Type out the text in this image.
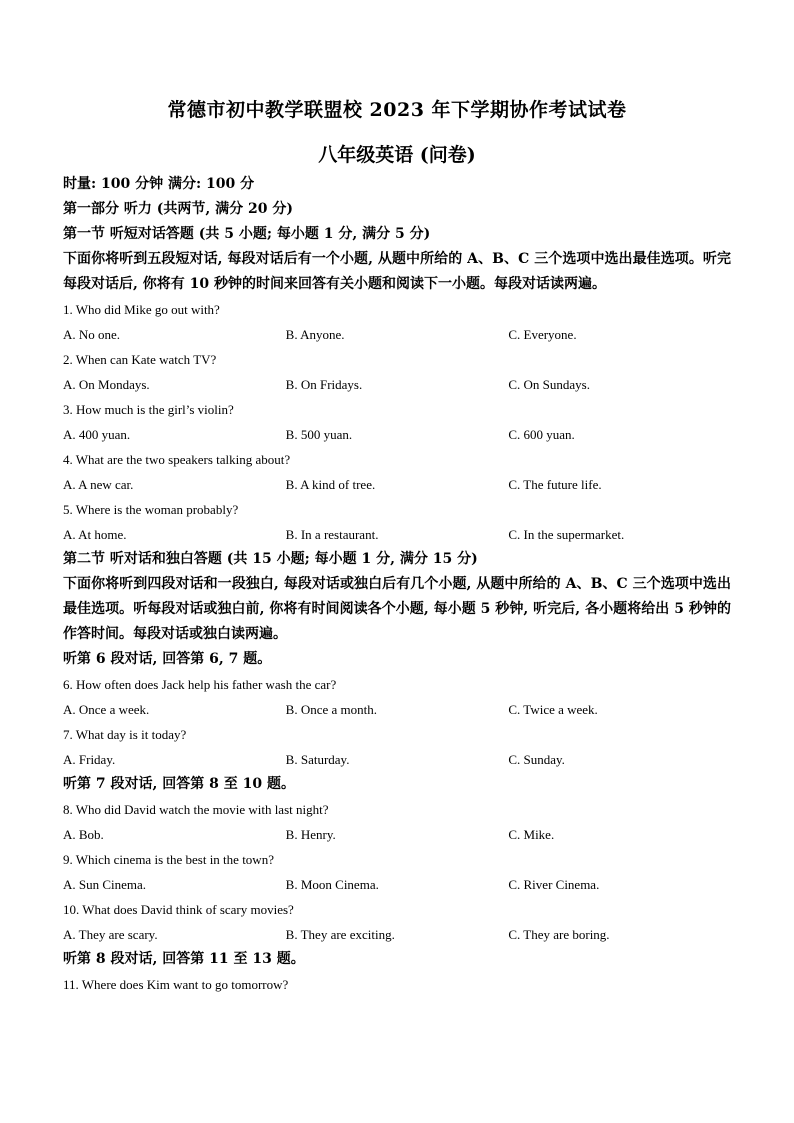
常德市初中教学联盟校 2023 年下学期协作考试试卷
八年级英语 (问卷)
时量: 100 分钟 满分: 100 分
第一部分 听力 (共两节, 满分 20 分)
第一节 听短对话答题 (共 5 小题; 每小题 1 分, 满分 5 分)
下面你将听到五段短对话, 每段对话后有一个小题, 从题中所给的 A、B、C 三个选项中选出最佳选项。听完每段对话后, 你将有 10 秒钟的时间来回答有关小题和阅读下一小题。每段对话读两遍。
1. Who did Mike go out with?
A. No one.	B. Anyone.	C. Everyone.
2. When can Kate watch TV?
A. On Mondays.	B. On Fridays.	C. On Sundays.
3. How much is the girl’s violin?
A. 400 yuan.	B. 500 yuan.	C. 600 yuan.
4. What are the two speakers talking about?
A. A new car.	B. A kind of tree.	C. The future life.
5. Where is the woman probably?
A. At home.	B. In a restaurant.	C. In the supermarket.
第二节 听对话和独白答题 (共 15 小题; 每小题 1 分, 满分 15 分)
下面你将听到四段对话和一段独白, 每段对话或独白后有几个小题, 从题中所给的 A、B、C 三个选项中选出最佳选项。听每段对话或独白前, 你将有时间阅读各个小题, 每小题 5 秒钟, 听完后, 各小题将给出 5 秒钟的作答时间。每段对话或独白读两遍。
听第 6 段对话, 回答第 6, 7 题。
6. How often does Jack help his father wash the car?
A. Once a week.	B. Once a month.	C. Twice a week.
7. What day is it today?
A. Friday.	B. Saturday.	C. Sunday.
听第 7 段对话, 回答第 8 至 10 题。
8. Who did David watch the movie with last night?
A. Bob.	B. Henry.	C. Mike.
9. Which cinema is the best in the town?
A. Sun Cinema.	B. Moon Cinema.	C. River Cinema.
10. What does David think of scary movies?
A. They are scary.	B. They are exciting.	C. They are boring.
听第 8 段对话, 回答第 11 至 13 题。
11. Where does Kim want to go tomorrow?
